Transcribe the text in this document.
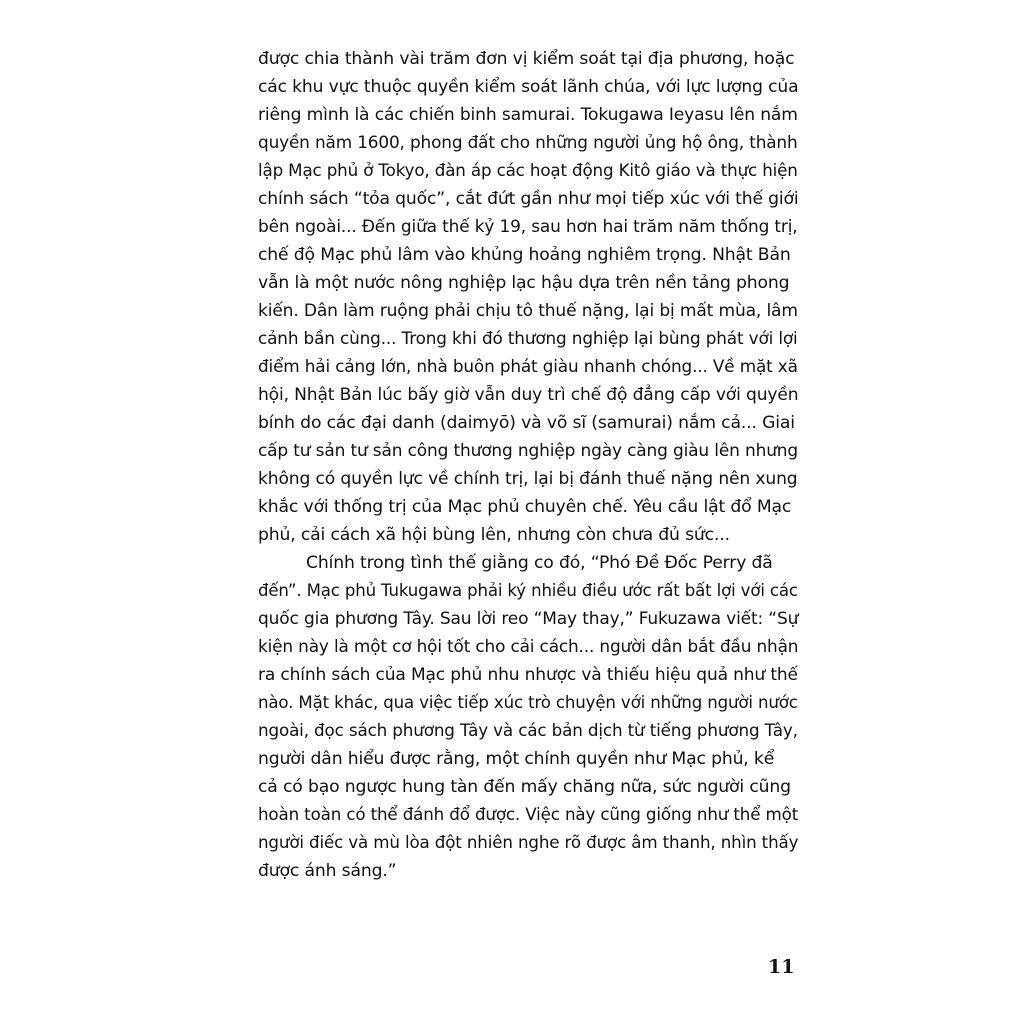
được chia thành vài trăm đơn vị kiểm soát tại địa phương, hoặc
các khu vực thuộc quyền kiểm soát lãnh chúa, với lực lượng của
riêng mình là các chiến binh samurai. Tokugawa Ieyasu lên nắm
quyền năm 1600, phong đất cho những người ủng hộ ông, thành
lập Mạc phủ ở Tokyo, đàn áp các hoạt động Kitô giáo và thực hiện
chính sách “tỏa quốc”, cắt đứt gần như mọi tiếp xúc với thế giới
bên ngoài... Đến giữa thế kỷ 19, sau hơn hai trăm năm thống trị,
chế độ Mạc phủ lâm vào khủng hoảng nghiêm trọng. Nhật Bản
vẫn là một nước nông nghiệp lạc hậu dựa trên nền tảng phong
kiến. Dân làm ruộng phải chịu tô thuế nặng, lại bị mất mùa, lâm
cảnh bần cùng... Trong khi đó thương nghiệp lại bùng phát với lợi
điểm hải cảng lớn, nhà buôn phát giàu nhanh chóng... Về mặt xã
hội, Nhật Bản lúc bấy giờ vẫn duy trì chế độ đẳng cấp với quyền
bính do các đại danh (daimyō) và võ sĩ (samurai) nắm cả... Giai
cấp tư sản tư sản công thương nghiệp ngày càng giàu lên nhưng
không có quyền lực về chính trị, lại bị đánh thuế nặng nên xung
khắc với thống trị của Mạc phủ chuyên chế. Yêu cầu lật đổ Mạc
phủ, cải cách xã hội bùng lên, nhưng còn chưa đủ sức...
Chính trong tình thế giằng co đó, “Phó Đề Đốc Perry đã
đến”. Mạc phủ Tukugawa phải ký nhiều điều ước rất bất lợi với các
quốc gia phương Tây. Sau lời reo “May thay,” Fukuzawa viết: “Sự
kiện này là một cơ hội tốt cho cải cách... người dân bắt đầu nhận
ra chính sách của Mạc phủ nhu nhược và thiếu hiệu quả như thế
nào. Mặt khác, qua việc tiếp xúc trò chuyện với những người nước
ngoài, đọc sách phương Tây và các bản dịch từ tiếng phương Tây,
người dân hiểu được rằng, một chính quyền như Mạc phủ, kể
cả có bạo ngược hung tàn đến mấy chăng nữa, sức người cũng
hoàn toàn có thể đánh đổ được. Việc này cũng giống như thể một
người điếc và mù lòa đột nhiên nghe rõ được âm thanh, nhìn thấy
được ánh sáng.”
11
